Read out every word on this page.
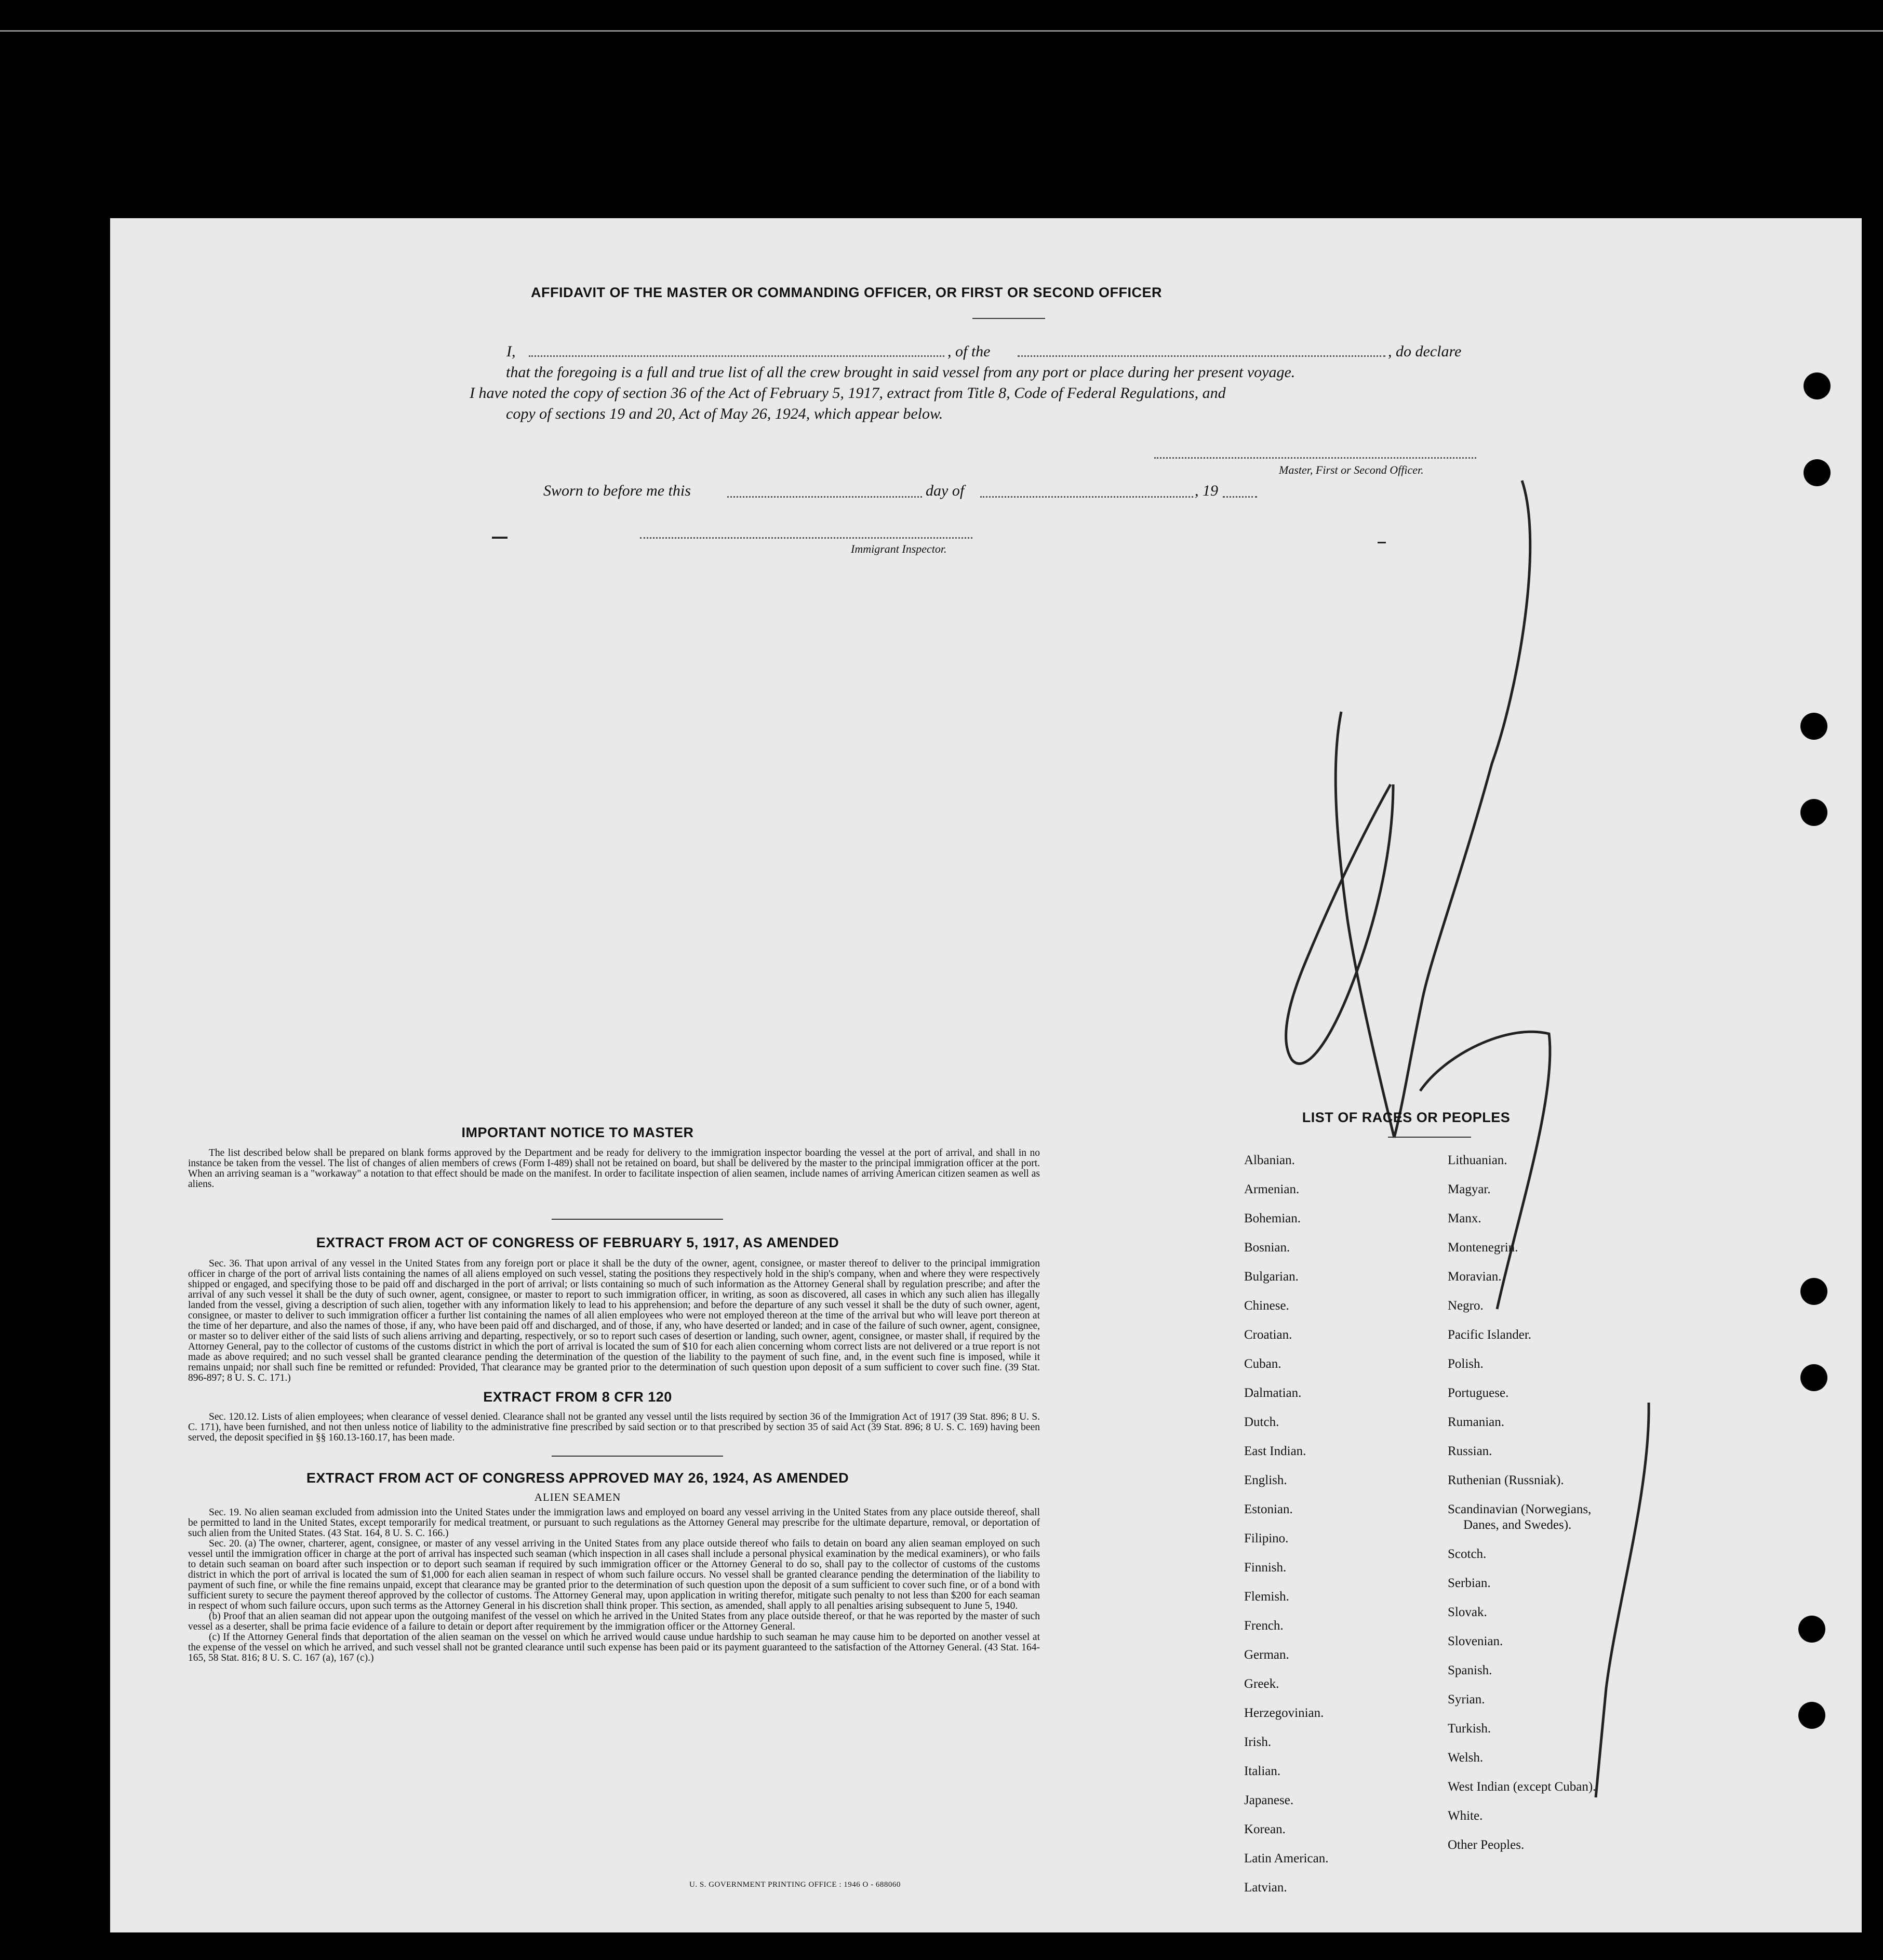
AFFIDAVIT OF THE MASTER OR COMMANDING OFFICER, OR FIRST OR SECOND OFFICER
I,	, of the	, do declare
that the foregoing is a full and true list of all the crew brought in said vessel from any port or place during her present voyage.
I have noted the copy of section 36 of the Act of February 5, 1917, extract from Title 8, Code of Federal Regulations, and
copy of sections 19 and 20, Act of May 26, 1924, which appear below.
Master, First or Second Officer.
Sworn to before me this	day of	, 19
Immigrant Inspector.
IMPORTANT NOTICE TO MASTER

The list described below shall be prepared on blank forms approved by the Department and be ready for delivery to the immigration inspector boarding the vessel at the port of arrival, and shall in no instance be taken from the vessel. The list of changes of alien members of crews (Form I-489) shall not be retained on board, but shall be delivered by the master to the principal immigration officer at the port. When an arriving seaman is a "workaway" a notation to that effect should be made on the manifest. In order to facilitate inspection of alien seamen, include names of arriving American citizen seamen as well as aliens.

EXTRACT FROM ACT OF CONGRESS OF FEBRUARY 5, 1917, AS AMENDED

Sec. 36. That upon arrival of any vessel in the United States from any foreign port or place it shall be the duty of the owner, agent, consignee, or master thereof to deliver to the principal immigration officer in charge of the port of arrival lists containing the names of all aliens employed on such vessel, stating the positions they respectively hold in the ship's company, when and where they were respectively shipped or engaged, and specifying those to be paid off and discharged in the port of arrival; or lists containing so much of such information as the Attorney General shall by regulation prescribe; and after the arrival of any such vessel it shall be the duty of such owner, agent, consignee, or master to report to such immigration officer, in writing, as soon as discovered, all cases in which any such alien has illegally landed from the vessel, giving a description of such alien, together with any information likely to lead to his apprehension; and before the departure of any such vessel it shall be the duty of such owner, agent, consignee, or master to deliver to such immigration officer a further list containing the names of all alien employees who were not employed thereon at the time of the arrival but who will leave port thereon at the time of her departure, and also the names of those, if any, who have been paid off and discharged, and of those, if any, who have deserted or landed; and in case of the failure of such owner, agent, consignee, or master so to deliver either of the said lists of such aliens arriving and departing, respectively, or so to report such cases of desertion or landing, such owner, agent, consignee, or master shall, if required by the Attorney General, pay to the collector of customs of the customs district in which the port of arrival is located the sum of $10 for each alien concerning whom correct lists are not delivered or a true report is not made as above required; and no such vessel shall be granted clearance pending the determination of the question of the liability to the payment of such fine, and, in the event such fine is imposed, while it remains unpaid; nor shall such fine be remitted or refunded: Provided, That clearance may be granted prior to the determination of such question upon deposit of a sum sufficient to cover such fine. (39 Stat. 896-897; 8 U. S. C. 171.)

EXTRACT FROM 8 CFR 120

Sec. 120.12. Lists of alien employees; when clearance of vessel denied. Clearance shall not be granted any vessel until the lists required by section 36 of the Immigration Act of 1917 (39 Stat. 896; 8 U. S. C. 171), have been furnished, and not then unless notice of liability to the administrative fine prescribed by said section or to that prescribed by section 35 of said Act (39 Stat. 896; 8 U. S. C. 169) having been served, the deposit specified in §§ 160.13-160.17, has been made.

EXTRACT FROM ACT OF CONGRESS APPROVED MAY 26, 1924, AS AMENDED
ALIEN SEAMEN

Sec. 19. No alien seaman excluded from admission into the United States under the immigration laws and employed on board any vessel arriving in the United States from any place outside thereof, shall be permitted to land in the United States, except temporarily for medical treatment, or pursuant to such regulations as the Attorney General may prescribe for the ultimate departure, removal, or deportation of such alien from the United States. (43 Stat. 164, 8 U. S. C. 166.)

Sec. 20. (a) The owner, charterer, agent, consignee, or master of any vessel arriving in the United States from any place outside thereof who fails to detain on board any alien seaman employed on such vessel until the immigration officer in charge at the port of arrival has inspected such seaman (which inspection in all cases shall include a personal physical examination by the medical examiners), or who fails to detain such seaman on board after such inspection or to deport such seaman if required by such immigration officer or the Attorney General to do so, shall pay to the collector of customs of the customs district in which the port of arrival is located the sum of $1,000 for each alien seaman in respect of whom such failure occurs. No vessel shall be granted clearance pending the determination of the liability to payment of such fine, or while the fine remains unpaid, except that clearance may be granted prior to the determination of such question upon the deposit of a sum sufficient to cover such fine, or of a bond with sufficient surety to secure the payment thereof approved by the collector of customs. The Attorney General may, upon application in writing therefor, mitigate such penalty to not less than $200 for each seaman in respect of whom such failure occurs, upon such terms as the Attorney General in his discretion shall think proper. This section, as amended, shall apply to all penalties arising subsequent to June 5, 1940.

(b) Proof that an alien seaman did not appear upon the outgoing manifest of the vessel on which he arrived in the United States from any place outside thereof, or that he was reported by the master of such vessel as a deserter, shall be prima facie evidence of a failure to detain or deport after requirement by the immigration officer or the Attorney General.

(c) If the Attorney General finds that deportation of the alien seaman on the vessel on which he arrived would cause undue hardship to such seaman he may cause him to be deported on another vessel at the expense of the vessel on which he arrived, and such vessel shall not be granted clearance until such expense has been paid or its payment guaranteed to the satisfaction of the Attorney General. (43 Stat. 164-165, 58 Stat. 816; 8 U. S. C. 167 (a), 167 (c).)

U. S. GOVERNMENT PRINTING OFFICE : 1946 O - 688060
LIST OF RACES OR PEOPLES
Albanian.
Armenian.
Bohemian.
Bosnian.
Bulgarian.
Chinese.
Croatian.
Cuban.
Dalmatian.
Dutch.
East Indian.
English.
Estonian.
Filipino.
Finnish.
Flemish.
French.
German.
Greek.
Herzegovinian.
Irish.
Italian.
Japanese.
Korean.
Latin American.
Latvian.
Lithuanian.
Magyar.
Manx.
Montenegrin.
Moravian.
Negro.
Pacific Islander.
Polish.
Portuguese.
Rumanian.
Russian.
Ruthenian (Russniak).
Scandinavian (Norwegians,
Danes, and Swedes).
Scotch.
Serbian.
Slovak.
Slovenian.
Spanish.
Syrian.
Turkish.
Welsh.
West Indian (except Cuban).
White.
Other Peoples.
